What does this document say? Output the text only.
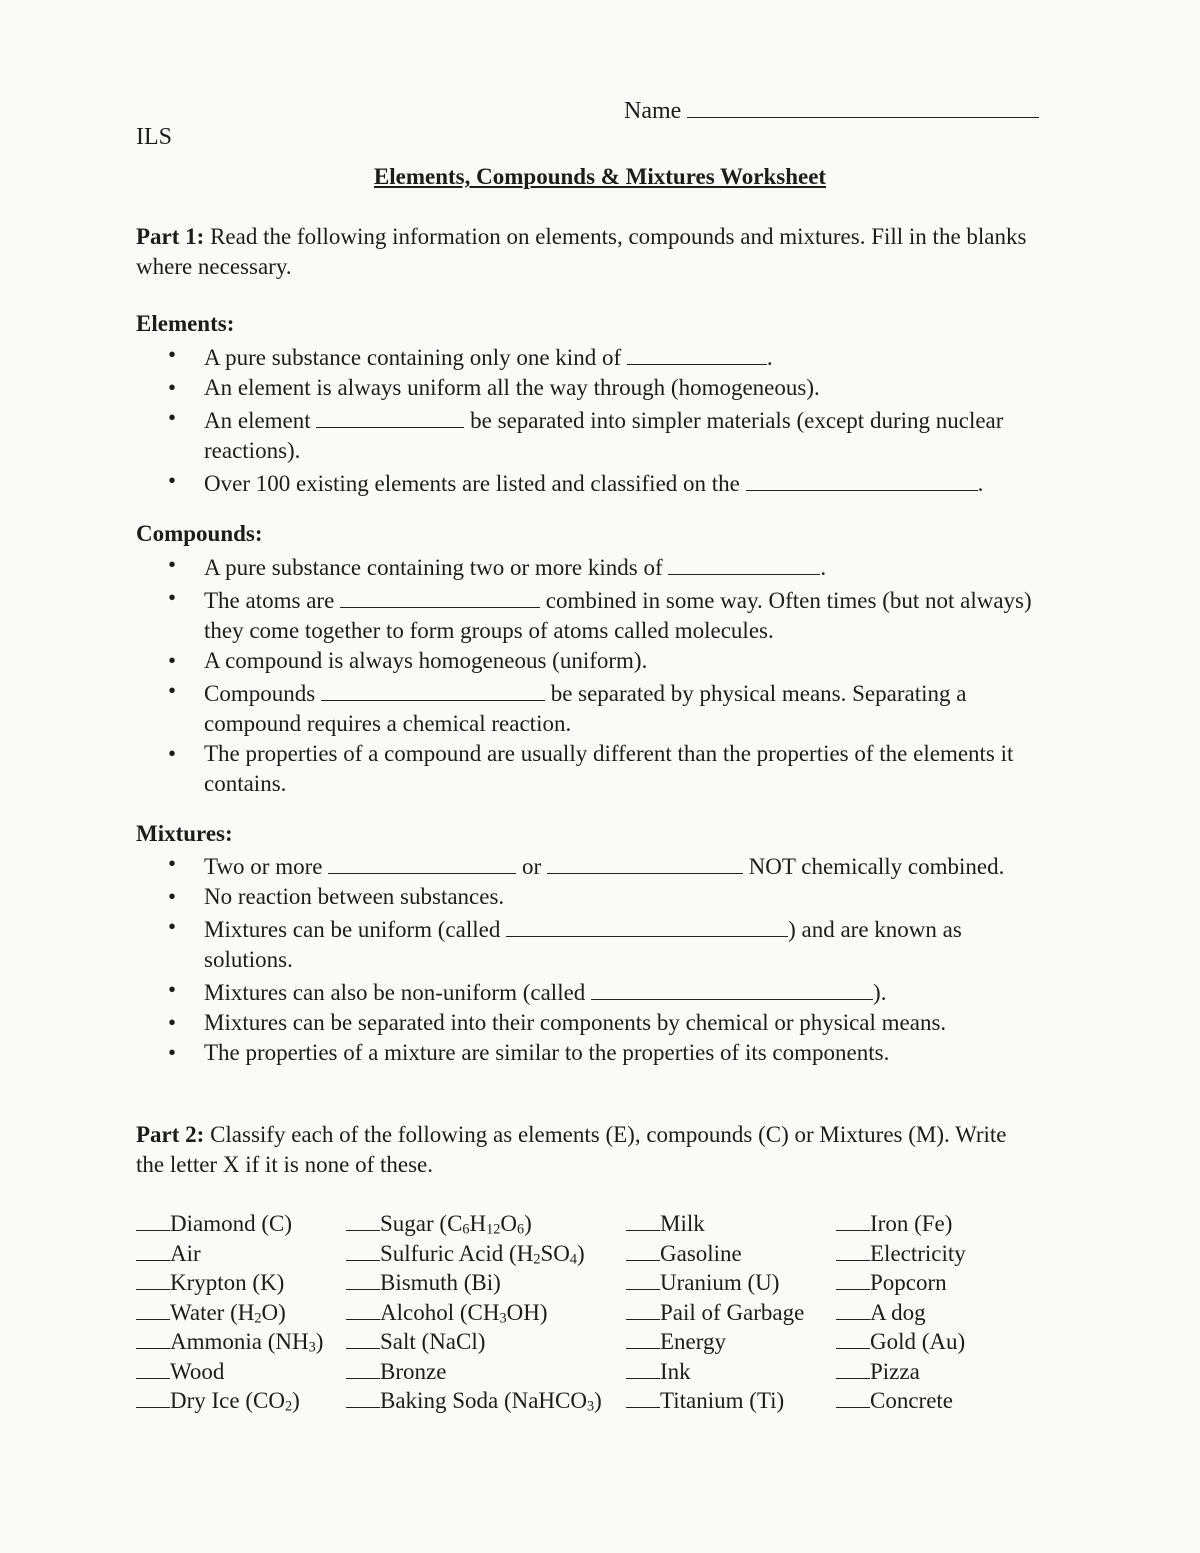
Name
ILS
Elements, Compounds & Mixtures Worksheet
Part 1: Read the following information on elements, compounds and mixtures. Fill in the blanks where necessary.
Elements:
• A pure substance containing only one kind of	.
• An element is always uniform all the way through (homogeneous).
• An element	be separated into simpler materials (except during nuclear reactions).
• Over 100 existing elements are listed and classified on the	.
Compounds:
• A pure substance containing two or more kinds of	.
• The atoms are	combined in some way. Often times (but not always) they come together to form groups of atoms called molecules.
• A compound is always homogeneous (uniform).
• Compounds	be separated by physical means. Separating a compound requires a chemical reaction.
• The properties of a compound are usually different than the properties of the elements it contains.
Mixtures:
• Two or more	or	NOT chemically combined.
• No reaction between substances.
• Mixtures can be uniform (called	) and are known as solutions.
• Mixtures can also be non-uniform (called	).
• Mixtures can be separated into their components by chemical or physical means.
• The properties of a mixture are similar to the properties of its components.
Part 2: Classify each of the following as elements (E), compounds (C) or Mixtures (M). Write the letter X if it is none of these.
Diamond (C)	Sugar $(C_6H_{12}O_6)$	Milk	Iron (Fe)
Air	Sulfuric Acid $(H_2SO_4)$	Gasoline	Electricity
Krypton (K)	Bismuth (Bi)	Uranium (U)	Popcorn
Water $(H_2O)$	Alcohol $(CH_3OH)$	Pail of Garbage	A dog
Ammonia $(NH_3)$	Salt (NaCl)	Energy	Gold (Au)
Wood	Bronze	Ink	Pizza
Dry Ice $(CO_2)$	Baking Soda (NaHCO$_3$)	Titanium (Ti)	Concrete
